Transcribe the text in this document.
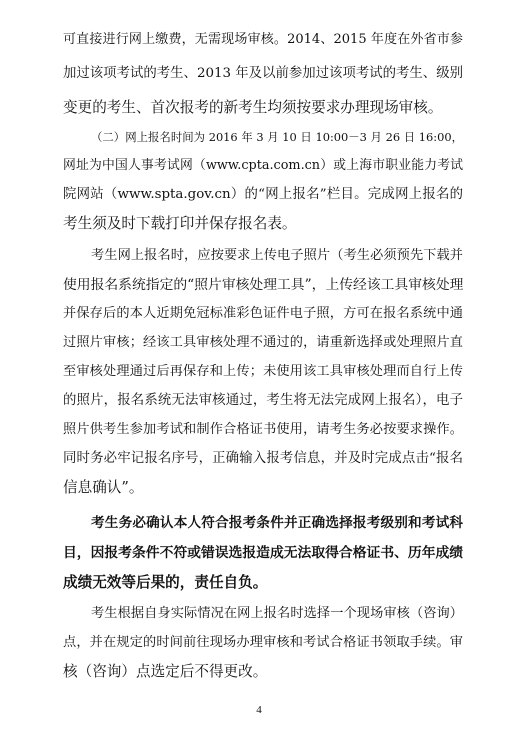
可直接进行网上缴费，无需现场审核。2014、2015 年度在外省市参
加过该项考试的考生、2013 年及以前参加过该项考试的考生、级别
变更的考生、首次报考的新考生均须按要求办理现场审核。
（二）网上报名时间为 2016 年 3 月 10 日 10:00－3 月 26 日 16:00，
网址为中国人事考试网（www.cpta.com.cn）或上海市职业能力考试
院网站（www.spta.gov.cn）的“网上报名”栏目。完成网上报名的
考生须及时下载打印并保存报名表。
考生网上报名时，应按要求上传电子照片（考生必须预先下载并
使用报名系统指定的“照片审核处理工具”，上传经该工具审核处理
并保存后的本人近期免冠标准彩色证件电子照，方可在报名系统中通
过照片审核；经该工具审核处理不通过的，请重新选择或处理照片直
至审核处理通过后再保存和上传；未使用该工具审核处理而自行上传
的照片，报名系统无法审核通过，考生将无法完成网上报名），电子
照片供考生参加考试和制作合格证书使用，请考生务必按要求操作。
同时务必牢记报名序号，正确输入报考信息，并及时完成点击“报名
信息确认”。
考生务必确认本人符合报考条件并正确选择报考级别和考试科
目，因报考条件不符或错误选报造成无法取得合格证书、历年成绩
成绩无效等后果的，责任自负。
考生根据自身实际情况在网上报名时选择一个现场审核（咨询）
点，并在规定的时间前往现场办理审核和考试合格证书领取手续。审
核（咨询）点选定后不得更改。
4
